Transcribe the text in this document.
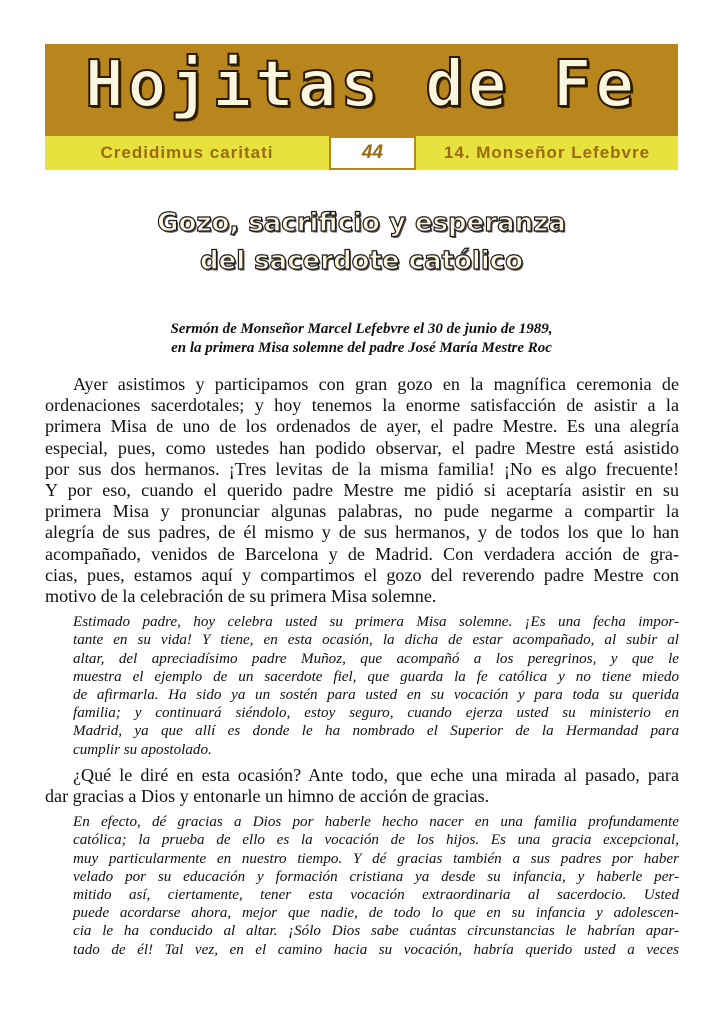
Hojitas de Fe
Credidimus caritati	44	14. Monseñor Lefebvre
Gozo, sacrificio y esperanza
del sacerdote católico
Sermón de Monseñor Marcel Lefebvre el 30 de junio de 1989,
en la primera Misa solemne del padre José María Mestre Roc
Ayer asistimos y participamos con gran gozo en la magnífica ceremonia de
ordenaciones sacerdotales; y hoy tenemos la enorme satisfacción de asistir a la
primera Misa de uno de los ordenados de ayer, el padre Mestre. Es una alegría
especial, pues, como ustedes han podido observar, el padre Mestre está asistido
por sus dos hermanos. ¡Tres levitas de la misma familia! ¡No es algo frecuente!
Y por eso, cuando el querido padre Mestre me pidió si aceptaría asistir en su
primera Misa y pronunciar algunas palabras, no pude negarme a compartir la
alegría de sus padres, de él mismo y de sus hermanos, y de todos los que lo han
acompañado, venidos de Barcelona y de Madrid. Con verdadera acción de gra-
cias, pues, estamos aquí y compartimos el gozo del reverendo padre Mestre con
motivo de la celebración de su primera Misa solemne.
Estimado padre, hoy celebra usted su primera Misa solemne. ¡Es una fecha impor-
tante en su vida! Y tiene, en esta ocasión, la dicha de estar acompañado, al subir al
altar, del apreciadísimo padre Muñoz, que acompañó a los peregrinos, y que le
muestra el ejemplo de un sacerdote fiel, que guarda la fe católica y no tiene miedo
de afirmarla. Ha sido ya un sostén para usted en su vocación y para toda su querida
familia; y continuará siéndolo, estoy seguro, cuando ejerza usted su ministerio en
Madrid, ya que allí es donde le ha nombrado el Superior de la Hermandad para
cumplir su apostolado.
¿Qué le diré en esta ocasión? Ante todo, que eche una mirada al pasado, para
dar gracias a Dios y entonarle un himno de acción de gracias.
En efecto, dé gracias a Dios por haberle hecho nacer en una familia profundamente
católica; la prueba de ello es la vocación de los hijos. Es una gracia excepcional,
muy particularmente en nuestro tiempo. Y dé gracias también a sus padres por haber
velado por su educación y formación cristiana ya desde su infancia, y haberle per-
mitido así, ciertamente, tener esta vocación extraordinaria al sacerdocio. Usted
puede acordarse ahora, mejor que nadie, de todo lo que en su infancia y adolescen-
cia le ha conducido al altar. ¡Sólo Dios sabe cuántas circunstancias le habrían apar-
tado de él! Tal vez, en el camino hacia su vocación, habría querido usted a veces
